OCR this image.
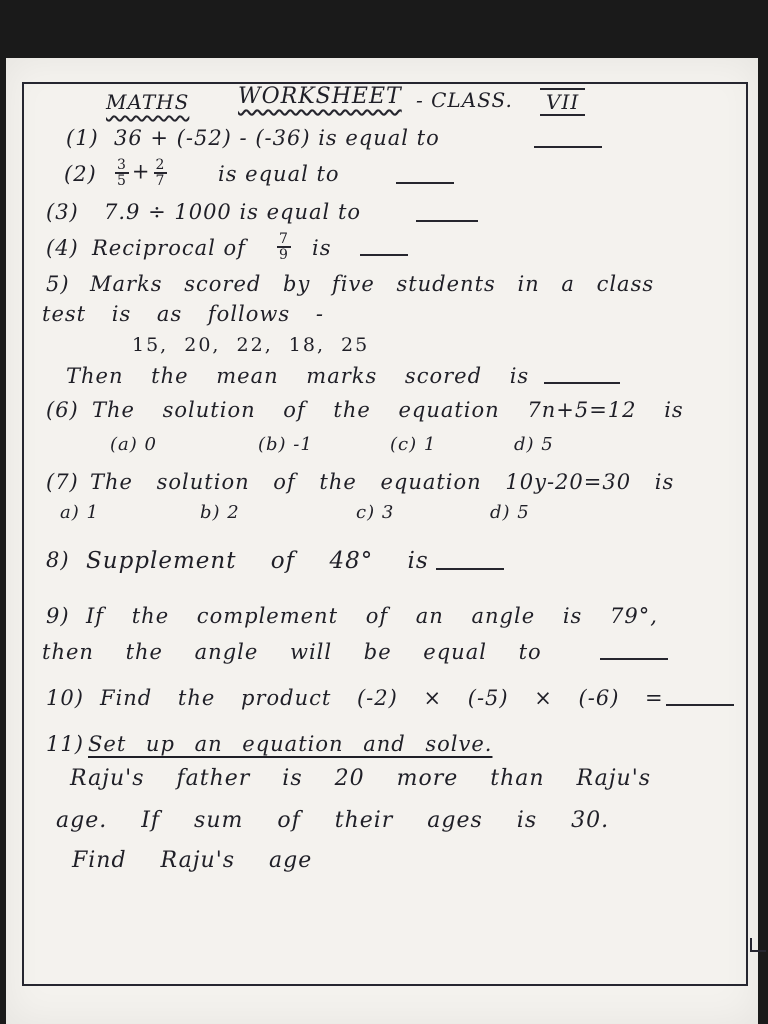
MATHS WORKSHEET - CLASS.	VII
(1) 36 + (-52) - (-36) is equal to
$(2) \frac{3}{5} + \frac{2}{7}$ is equal to
(3) 7.9 ÷ 1000 is equal to
(4) Reciprocal of $\frac{7}{9}$ is
5) Marks scored by five students in a class
test is as follows -
15, 20, 22, 18, 25
Then the mean marks scored is
(6) The solution of the equation 7n+5=12 is
(a) 0	(b) -1	(c) 1	d) 5
(7) The solution of the equation 10y-20=30 is
a) 1	b) 2	c) 3	d) 5
8) Supplement of 48° is
9) If the complement of an angle is 79°,
then the angle will be equal to
10) Find the product (-2) × (-5) × (-6) =
11) Set up an equation and solve.
Raju's father is 20 more than Raju's
age. If sum of their ages is 30.
Find Raju's age
